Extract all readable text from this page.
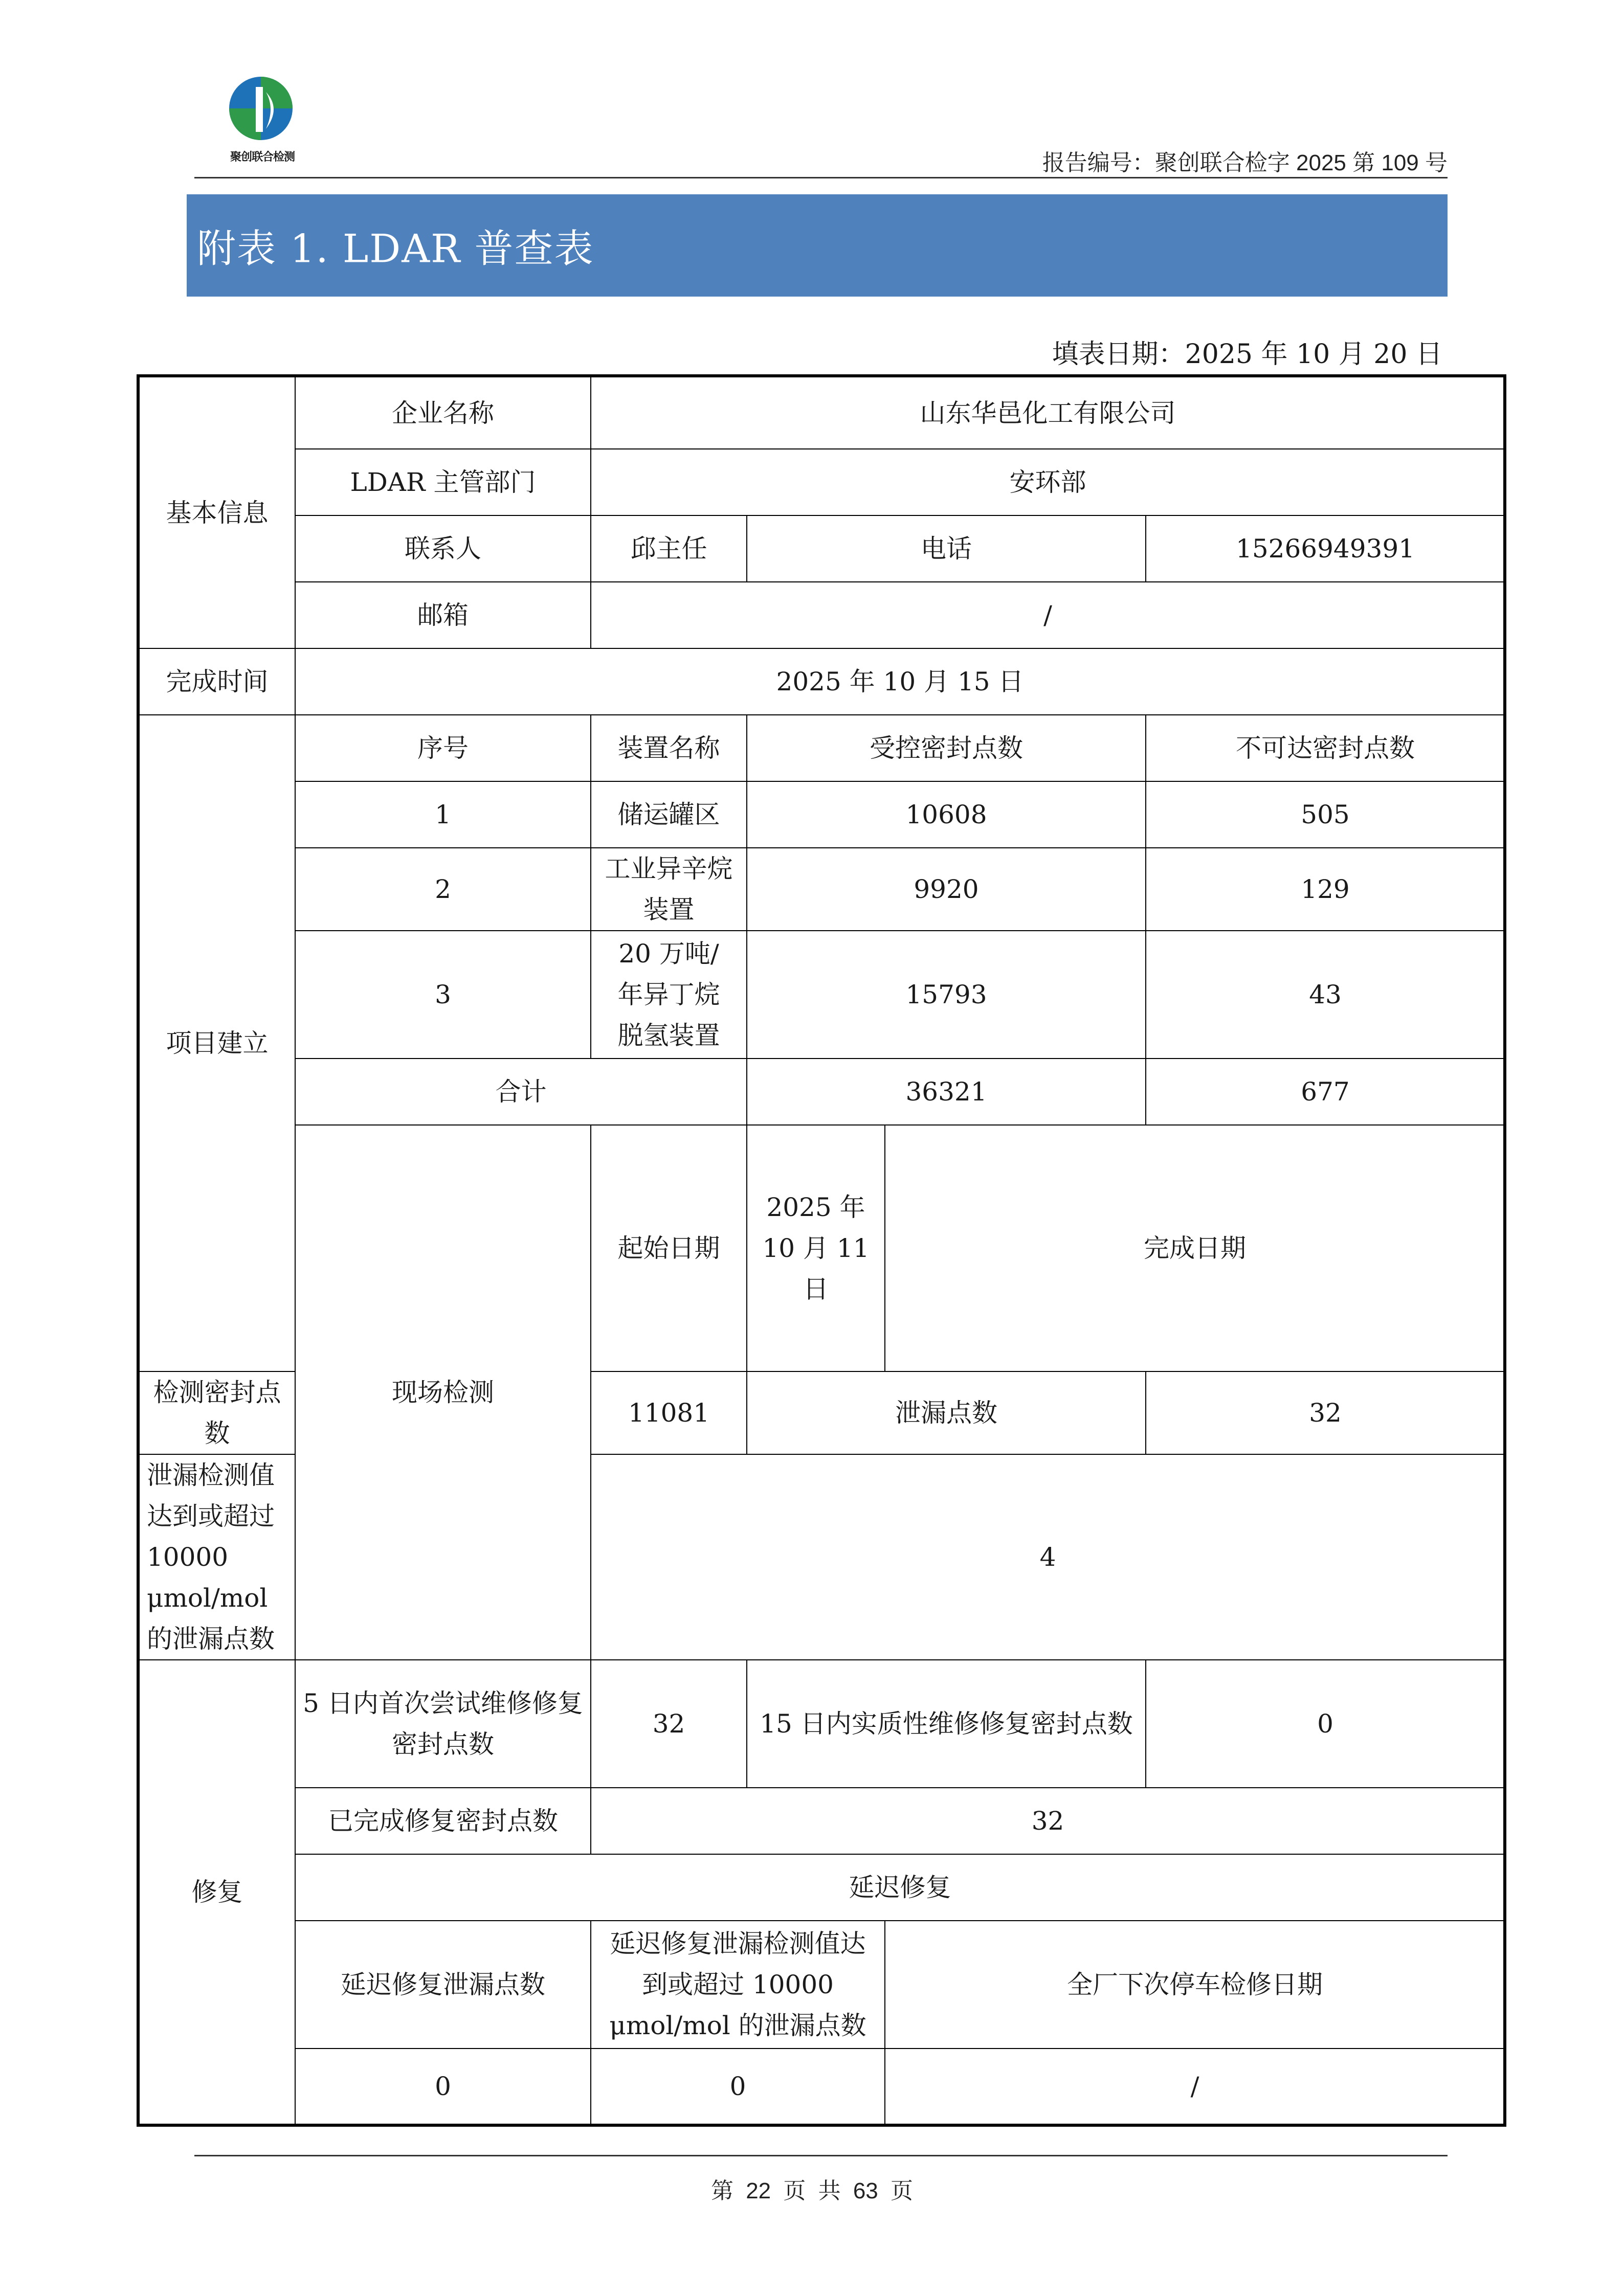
聚创联合检测	报告编号：聚创联合检字 2025 第 109 号
附表 1. LDAR 普查表
填表日期：2025 年 10 月 20 日
基本信息	企业名称	山东华邑化工有限公司				
	LDAR 主管部门	安环部				
	联系人	邱主任	电话		15266949391	
	邮箱	/				
完成时间	2025 年 10 月 15 日					
项目建立	序号	装置名称	受控密封点数		不可达密封点数	
	1	储运罐区	10608		505	
	2	工业异辛烷装置	9920		129	
	3	20 万吨/年异丁烷脱氢装置	15793		43	
	合计		36321		677	
	现场检测	起始日期	2025 年 10 月 11 日	完成日期	
检测密封点数		11081	泄漏点数		32	
泄漏检测值达到或超过 10000 μmol/mol 的泄漏点数		4				
修复	5 日内首次尝试维修修复密封点数	32	15 日内实质性维修修复密封点数		0	
	已完成修复密封点数	32				
	延迟修复					
	延迟修复泄漏点数	延迟修复泄漏检测值达到或超过 10000 μmol/mol 的泄漏点数		全厂下次停车检修日期		
	0	0		/		
第 22 页 共 63 页
